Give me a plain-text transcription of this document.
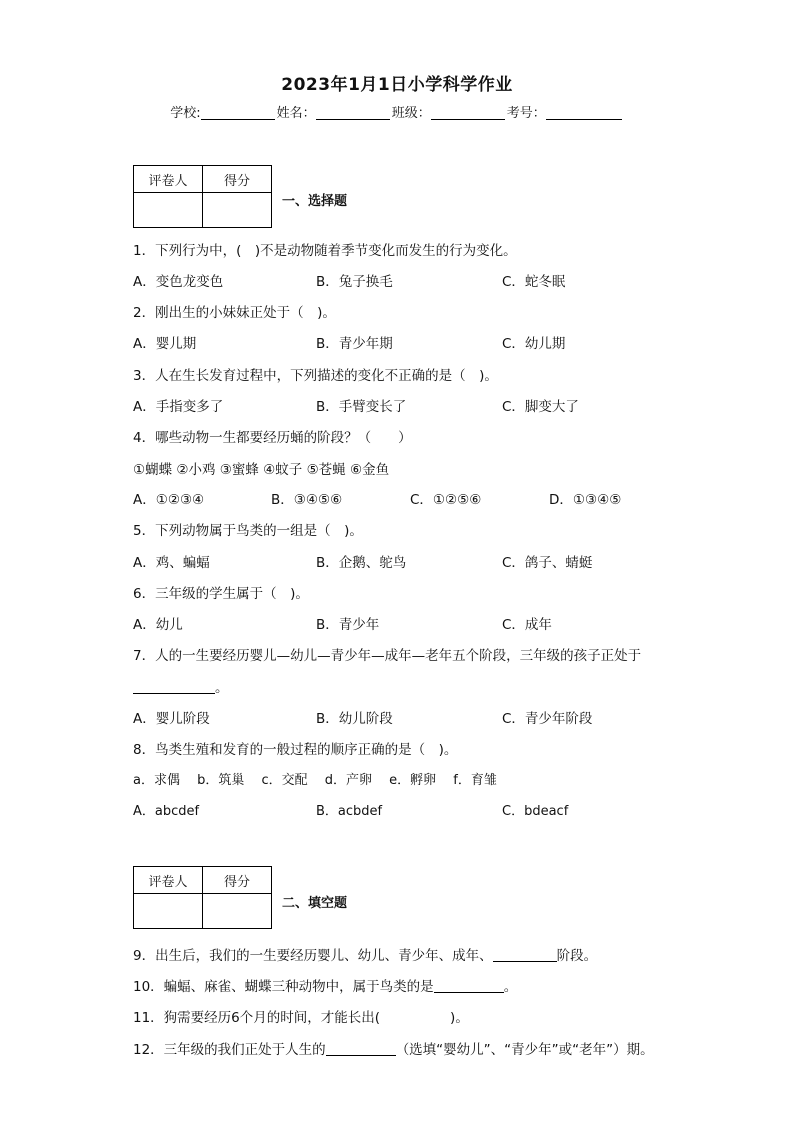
2023年1月1日小学科学作业
学校:	姓名：	班级：	考号：
评卷人	得分

一、选择题
1．下列行为中，(　)不是动物随着季节变化而发生的行为变化。
A．变色龙变色	B．兔子换毛	C．蛇冬眠
2．刚出生的小妹妹正处于（　)。
A．婴儿期	B．青少年期	C．幼儿期
3．人在生长发育过程中，下列描述的变化不正确的是（　)。
A．手指变多了	B．手臂变长了	C．脚变大了
4．哪些动物一生都要经历蛹的阶段？（　　）
①蝴蝶 ②小鸡 ③蜜蜂 ④蚊子 ⑤苍蝇 ⑥金鱼
A．①②③④	B．③④⑤⑥	C．①②⑤⑥	D．①③④⑤
5．下列动物属于鸟类的一组是（　)。
A．鸡、蝙蝠	B．企鹅、鸵鸟	C．鸽子、蜻蜓
6．三年级的学生属于（　)。
A．幼儿	B．青少年	C．成年
7．人的一生要经历婴儿—幼儿—青少年—成年—老年五个阶段，三年级的孩子正处于
。
A．婴儿阶段	B．幼儿阶段	C．青少年阶段
8．鸟类生殖和发育的一般过程的顺序正确的是（　)。
a．求偶　 b．筑巢　 c．交配　 d．产卵　 e．孵卵　 f．育雏
A．abcdef	B．acbdef	C．bdeacf
评卷人	得分

二、填空题
9．出生后，我们的一生要经历婴儿、幼儿、青少年、成年、	阶段。
10．蝙蝠、麻雀、蝴蝶三种动物中，属于鸟类的是	。
11．狗需要经历6个月的时间，才能长出(	)。
12．三年级的我们正处于人生的	（选填“婴幼儿”、“青少年”或“老年”）期。
